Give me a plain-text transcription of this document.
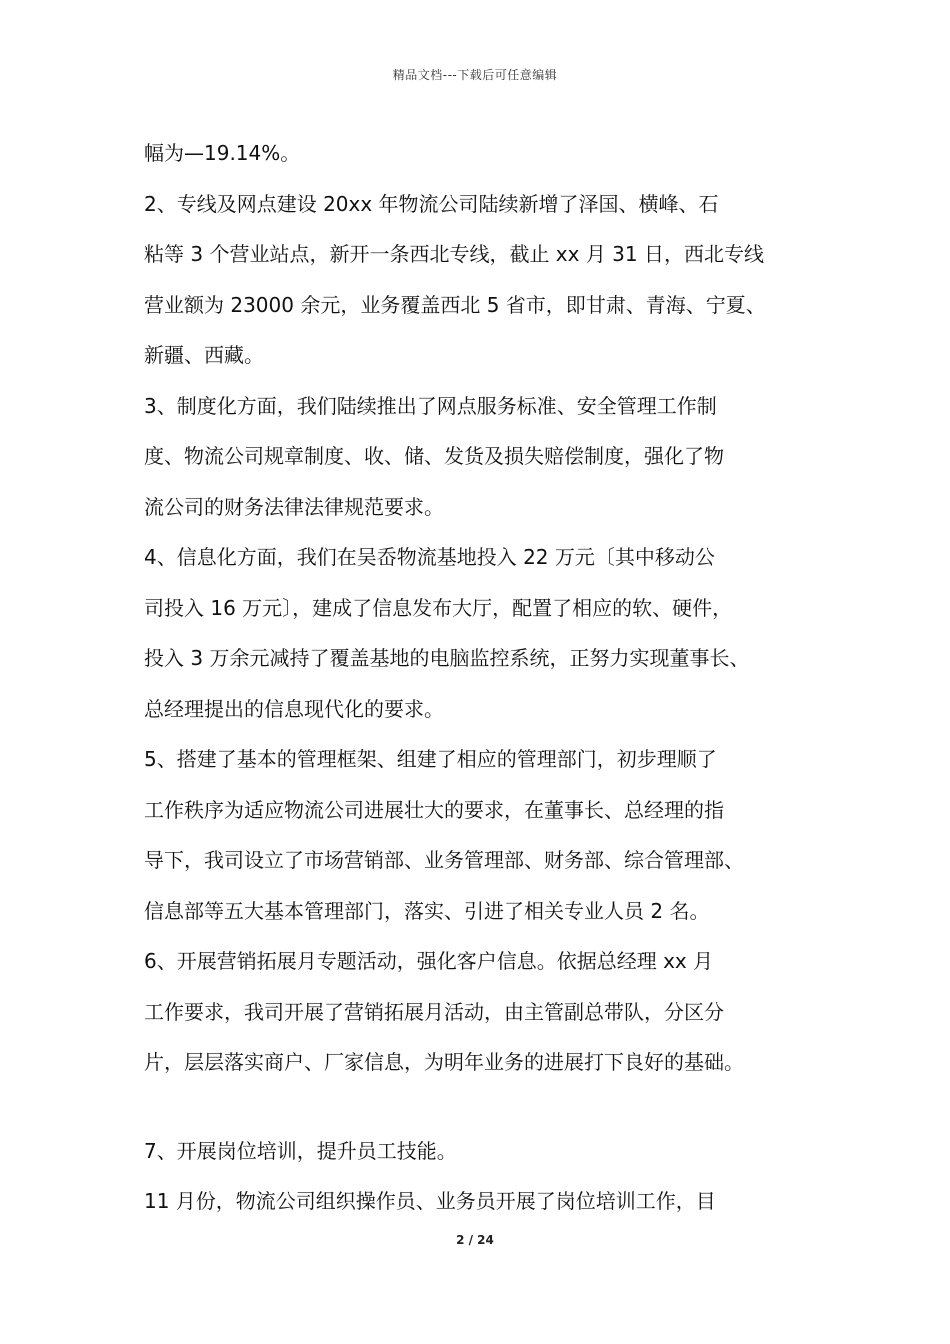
精品文档---下载后可任意编辑

幅为—19.14%。

2、专线及网点建设 20xx 年物流公司陆续新增了泽国、横峰、石

粘等 3 个营业站点，新开一条西北专线，截止 xx 月 31 日，西北专线

营业额为 23000 余元，业务覆盖西北 5 省市，即甘肃、青海、宁夏、

新疆、西藏。

3、制度化方面，我们陆续推出了网点服务标准、安全管理工作制

度、物流公司规章制度、收、储、发货及损失赔偿制度，强化了物

流公司的财务法律法律规范要求。

4、信息化方面，我们在吴岙物流基地投入 22 万元〔其中移动公

司投入 16 万元〕，建成了信息发布大厅，配置了相应的软、硬件，

投入 3 万余元减持了覆盖基地的电脑监控系统，正努力实现董事长、

总经理提出的信息现代化的要求。

5、搭建了基本的管理框架、组建了相应的管理部门，初步理顺了

工作秩序为适应物流公司进展壮大的要求，在董事长、总经理的指

导下，我司设立了市场营销部、业务管理部、财务部、综合管理部、

信息部等五大基本管理部门，落实、引进了相关专业人员 2 名。

6、开展营销拓展月专题活动，强化客户信息。依据总经理 xx 月

工作要求，我司开展了营销拓展月活动，由主管副总带队，分区分

片，层层落实商户、厂家信息，为明年业务的进展打下良好的基础。

7、开展岗位培训，提升员工技能。

11 月份，物流公司组织操作员、业务员开展了岗位培训工作，目

2 / 24
